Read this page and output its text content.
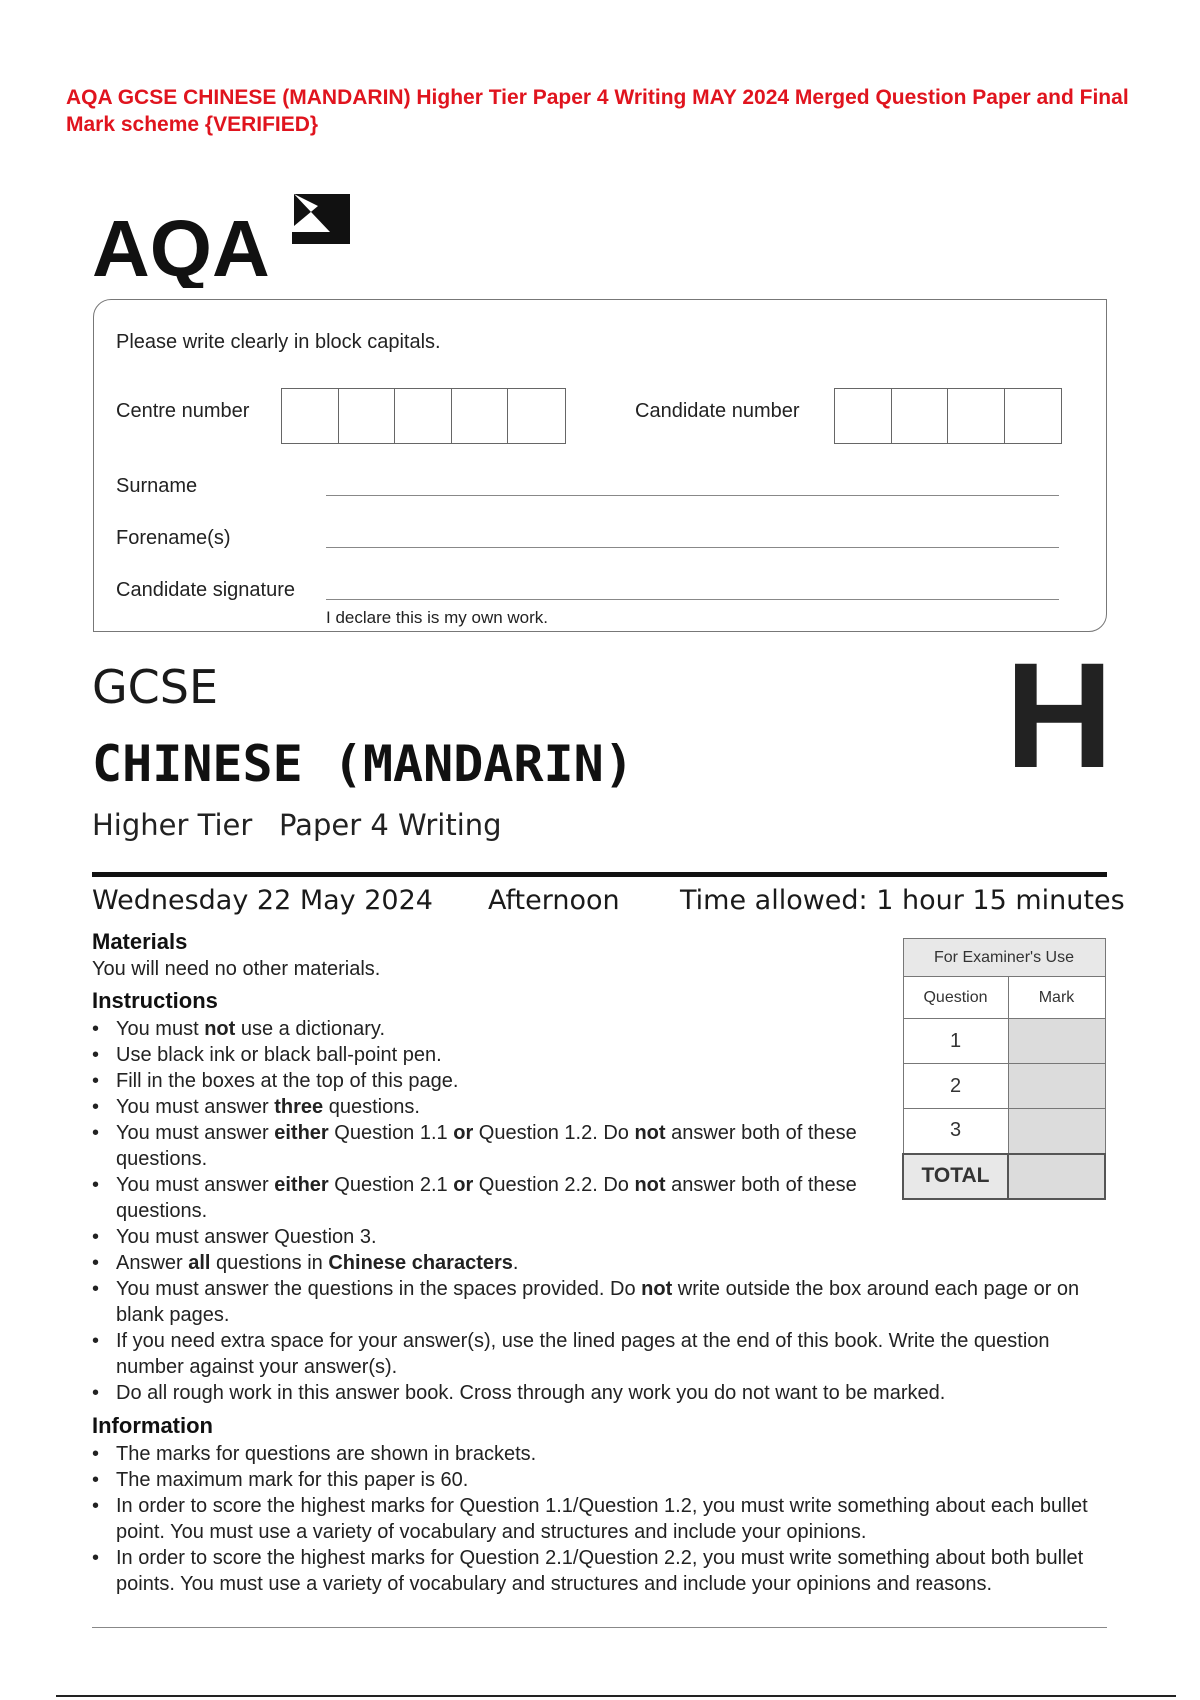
AQA GCSE CHINESE (MANDARIN) Higher Tier Paper 4 Writing MAY 2024 Merged Question Paper and Final Mark scheme {VERIFIED}
AQA
Please write clearly in block capitals.
Centre number	Candidate number
Surname
Forename(s)
Candidate signature
I declare this is my own work.
GCSE
CHINESE (MANDARIN)
Higher Tier Paper 4 Writing
H
Wednesday 22 May 2024 Afternoon Time allowed: 1 hour 15 minutes
Materials
You will need no other materials.
Instructions
• You must not use a dictionary.
• Use black ink or black ball-point pen.
• Fill in the boxes at the top of this page.
• You must answer three questions.
• You must answer either Question 1.1 or Question 1.2. Do not answer both of these questions.
• You must answer either Question 2.1 or Question 2.2. Do not answer both of these questions.
• You must answer Question 3.
• Answer all questions in Chinese characters.
• You must answer the questions in the spaces provided. Do not write outside the box around each page or on blank pages.
• If you need extra space for your answer(s), use the lined pages at the end of this book. Write the question number against your answer(s).
• Do all rough work in this answer book. Cross through any work you do not want to be marked.
Information
• The marks for questions are shown in brackets.
• The maximum mark for this paper is 60.
• In order to score the highest marks for Question 1.1/Question 1.2, you must write something about each bullet point. You must use a variety of vocabulary and structures and include your opinions.
• In order to score the highest marks for Question 2.1/Question 2.2, you must write something about both bullet points. You must use a variety of vocabulary and structures and include your opinions and reasons.
For Examiner's Use	
Question	Mark
1	
2	
3	
TOTAL	
